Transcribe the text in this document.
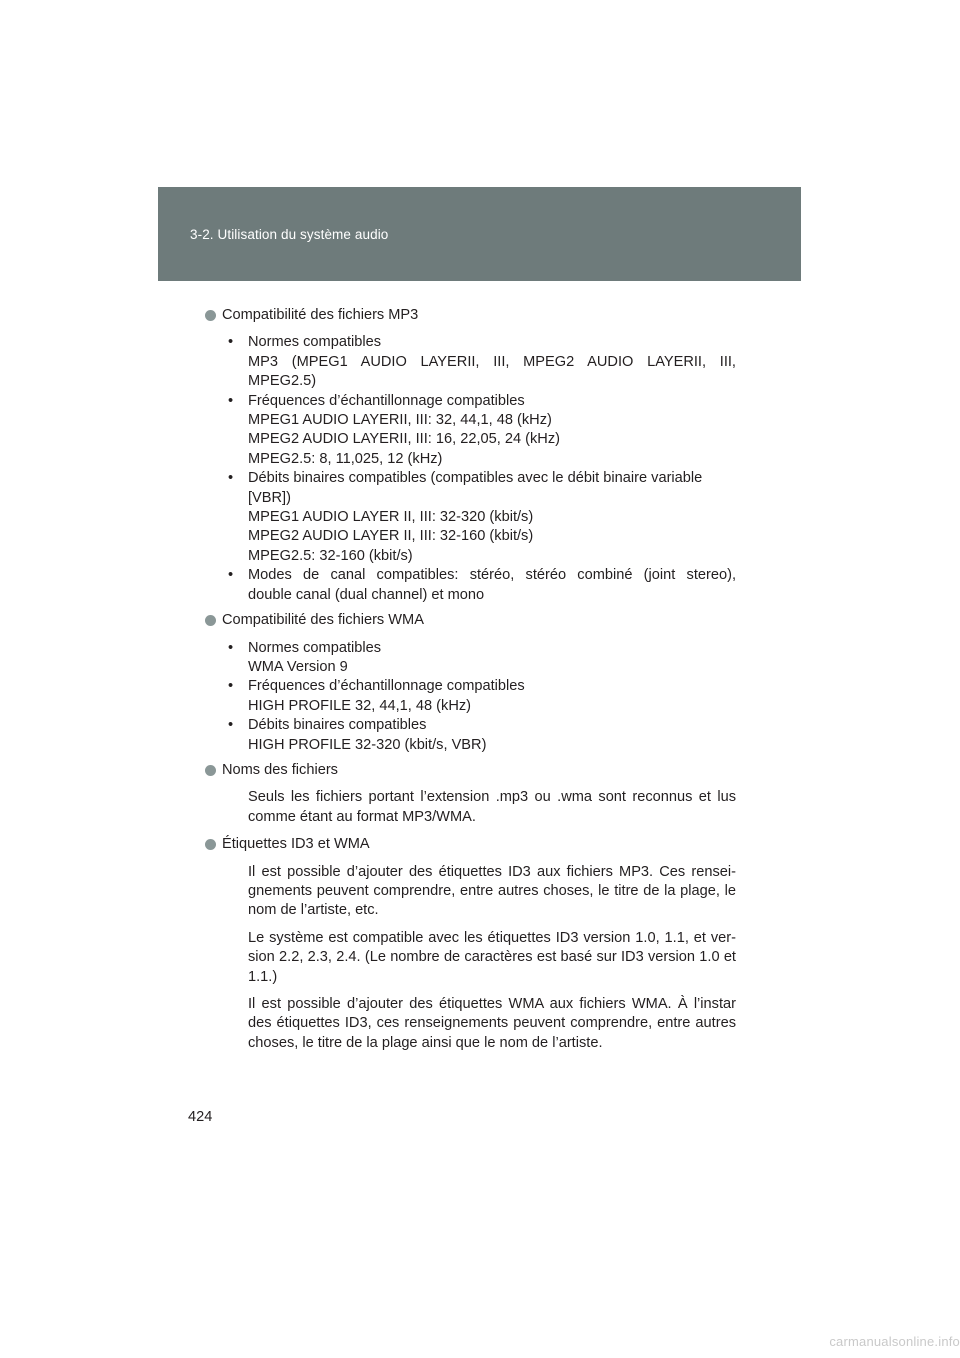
3-2. Utilisation du système audio
Compatibilité des fichiers MP3
•	Normes compatibles
MP3 (MPEG1 AUDIO LAYERII, III, MPEG2 AUDIO LAYERII, III,
MPEG2.5)
•	Fréquences d’échantillonnage compatibles
MPEG1 AUDIO LAYERII, III: 32, 44,1, 48 (kHz)
MPEG2 AUDIO LAYERII, III: 16, 22,05, 24 (kHz)
MPEG2.5: 8, 11,025, 12 (kHz)
•	Débits binaires compatibles (compatibles avec le débit binaire variable
[VBR])
MPEG1 AUDIO LAYER II, III: 32-320 (kbit/s)
MPEG2 AUDIO LAYER II, III: 32-160 (kbit/s)
MPEG2.5: 32-160 (kbit/s)
•	Modes de canal compatibles: stéréo, stéréo combiné (joint stereo),
double canal (dual channel) et mono
Compatibilité des fichiers WMA
•	Normes compatibles
WMA Version 9
•	Fréquences d’échantillonnage compatibles
HIGH PROFILE 32, 44,1, 48 (kHz)
•	Débits binaires compatibles
HIGH PROFILE 32-320 (kbit/s, VBR)
Noms des fichiers

Seuls les fichiers portant l’extension .mp3 ou .wma sont reconnus et lus comme étant au format MP3/WMA.

Étiquettes ID3 et WMA

Il est possible d’ajouter des étiquettes ID3 aux fichiers MP3. Ces rensei-gnements peuvent comprendre, entre autres choses, le titre de la plage, le nom de l’artiste, etc.

Le système est compatible avec les étiquettes ID3 version 1.0, 1.1, et ver-sion 2.2, 2.3, 2.4. (Le nombre de caractères est basé sur ID3 version 1.0 et 1.1.)

Il est possible d’ajouter des étiquettes WMA aux fichiers WMA. À l’instar des étiquettes ID3, ces renseignements peuvent comprendre, entre autres choses, le titre de la plage ainsi que le nom de l’artiste.

424
carmanualsonline.info
